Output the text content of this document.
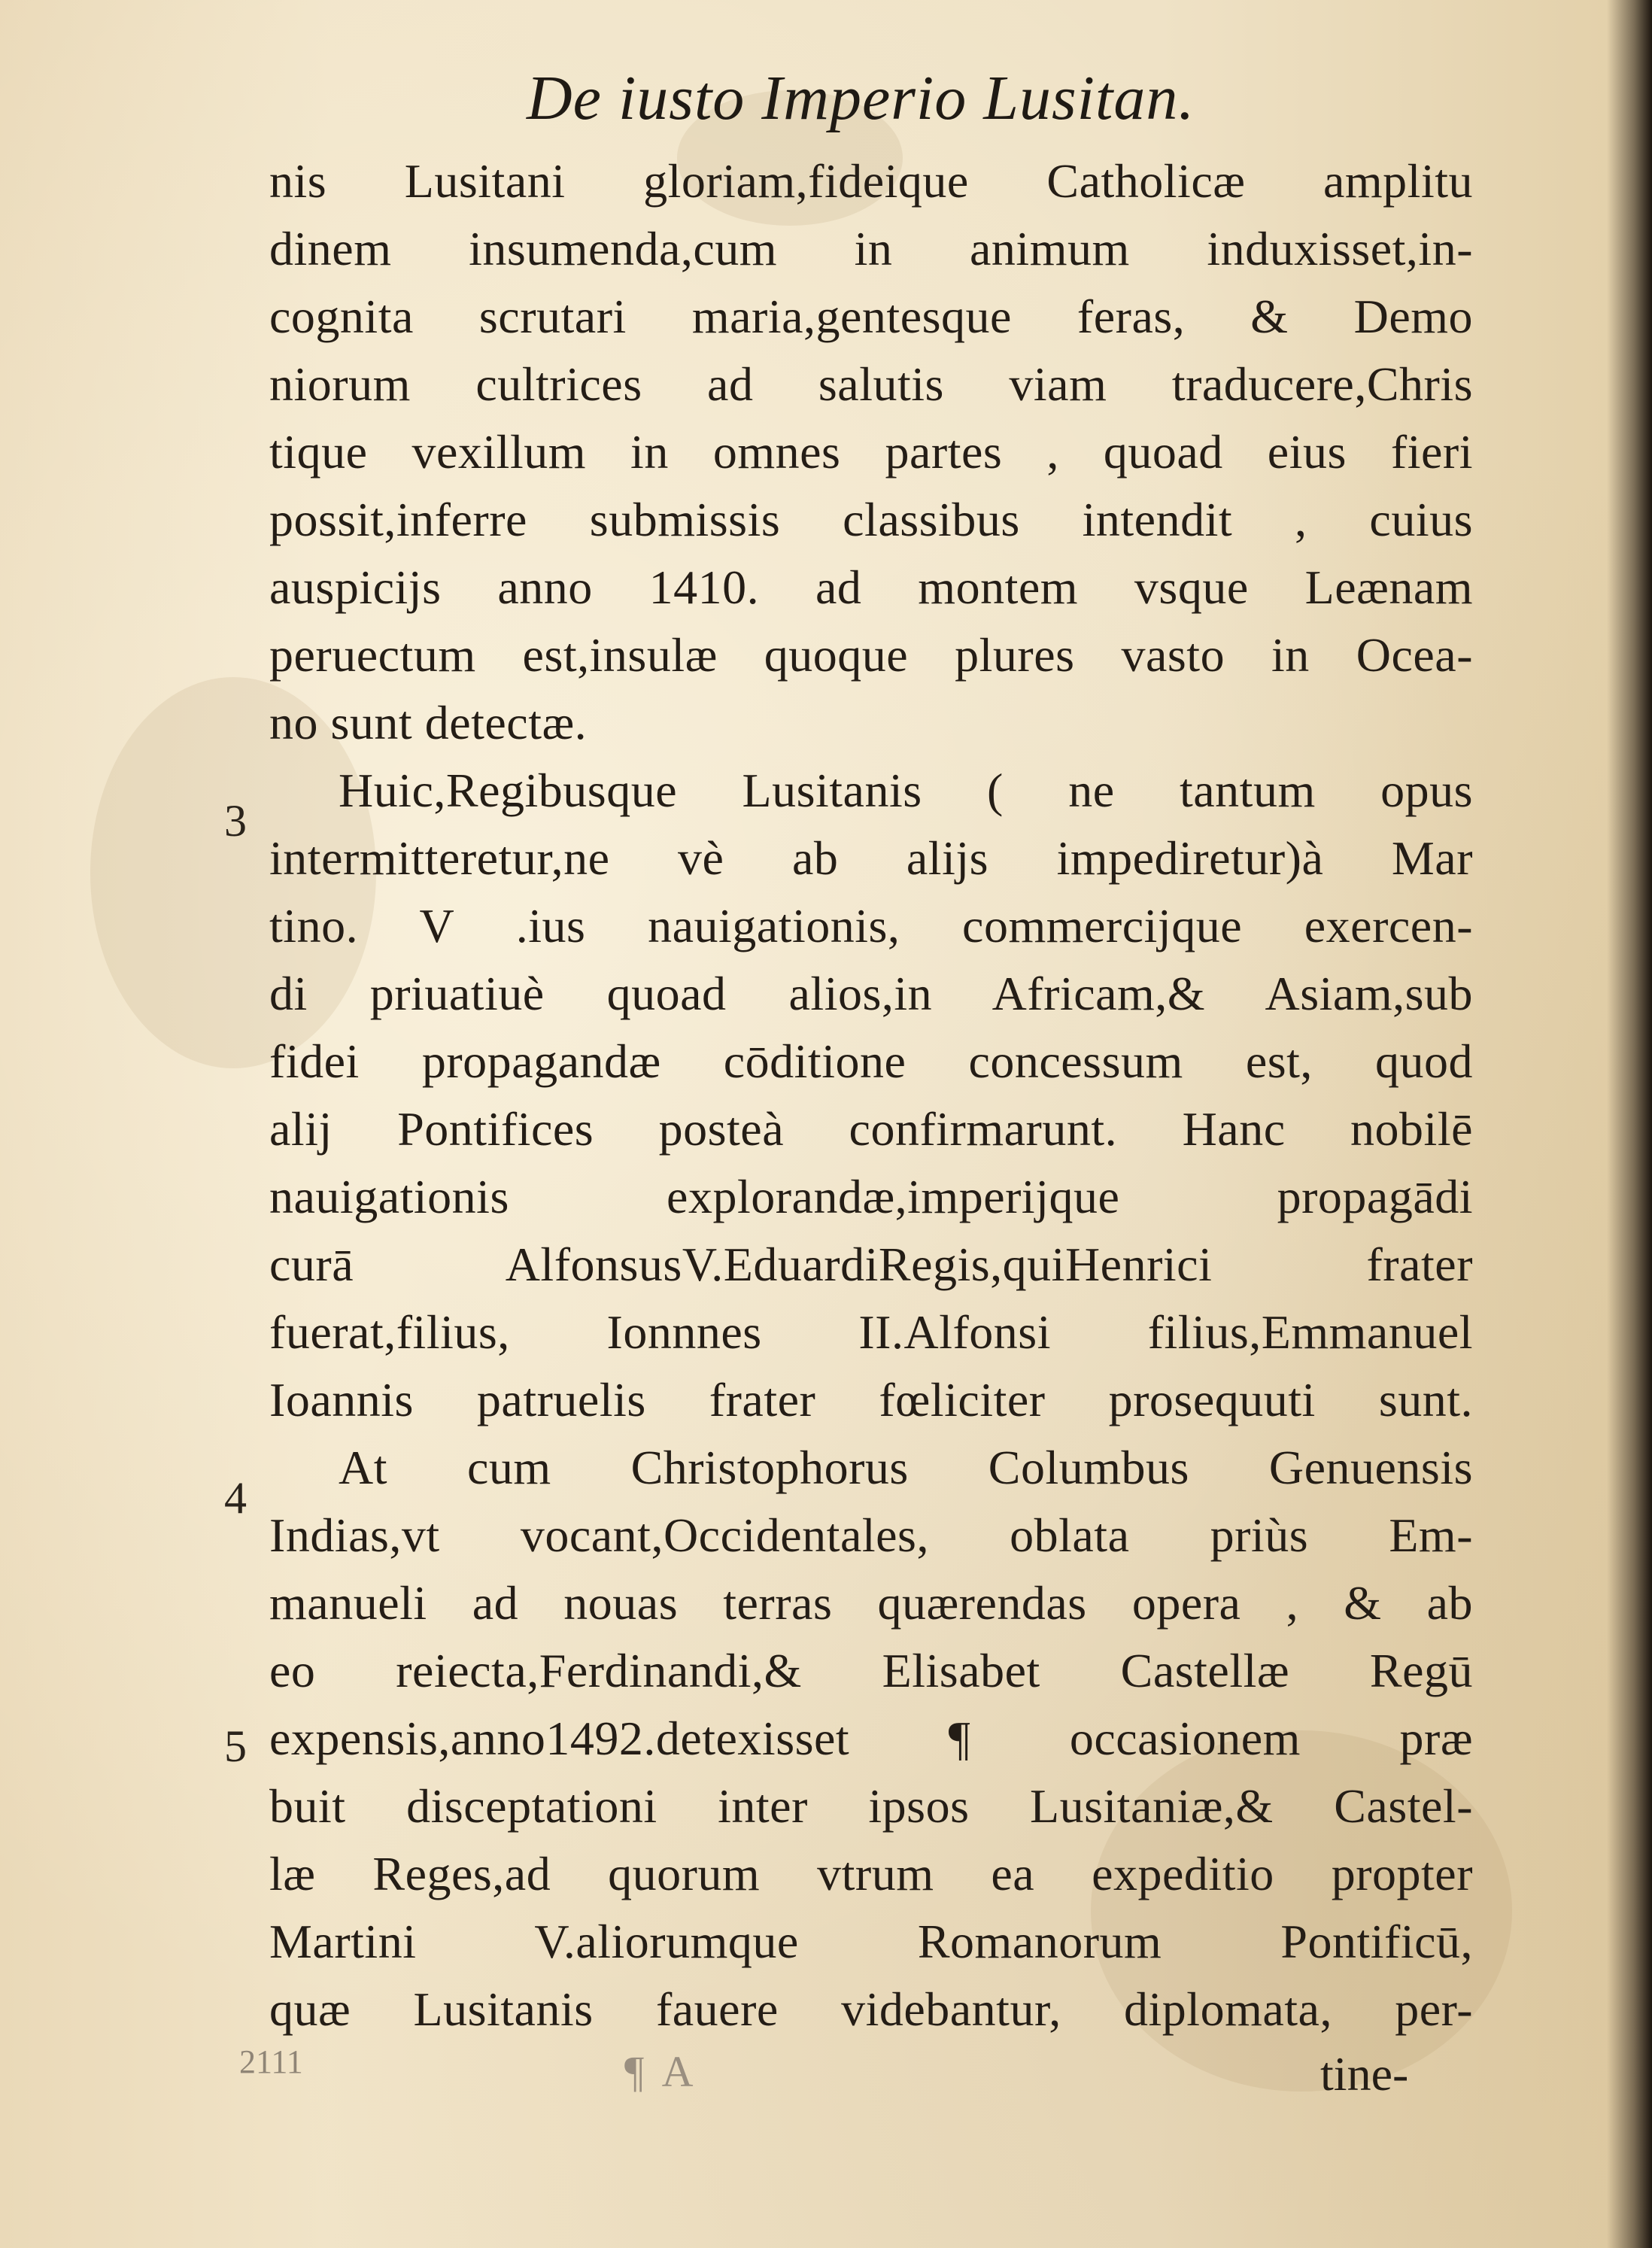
De iusto Imperio Lusitan.
3
4
5
nis Lusitani gloriam,fideique Catholicæ amplitu
dinem insumenda,cum in animum induxisset,in-
cognita scrutari maria,gentesque feras, & Demo
niorum cultrices ad salutis viam traducere,Chris
tique vexillum in omnes partes , quoad eius fieri
possit,inferre submissis classibus intendit , cuius
auspicijs anno 1410. ad montem vsque Leænam
peruectum est,insulæ quoque plures vasto in Ocea-
no sunt detectæ.
Huic,Regibusque Lusitanis ( ne tantum opus
intermitteretur,ne vè ab alijs impediretur)à Mar
tino. V .ius nauigationis, commercijque exercen-
di priuatiuè quoad alios,in Africam,& Asiam,sub
fidei propagandæ cōditione concessum est, quod
alij Pontifices posteà confirmarunt. Hanc nobilē
nauigationis explorandæ,imperijque propagādi
curā AlfonsusV.EduardiRegis,quiHenrici frater
fuerat,filius, Ionnnes II.Alfonsi filius,Emmanuel
Ioannis patruelis frater fœliciter prosequuti sunt.
At cum Christophorus Columbus Genuensis
Indias,vt vocant,Occidentales, oblata priùs Em-
manueli ad nouas terras quærendas opera , & ab
eo reiecta,Ferdinandi,& Elisabet Castellæ Regū
expensis,anno1492.detexisset ¶ occasionem præ
buit disceptationi inter ipsos Lusitaniæ,& Castel-
læ Reges,ad quorum vtrum ea expeditio propter
Martini V.aliorumque Romanorum Pontificū,
quæ Lusitanis fauere videbantur, diplomata, per-
2111	¶ A	tine-
